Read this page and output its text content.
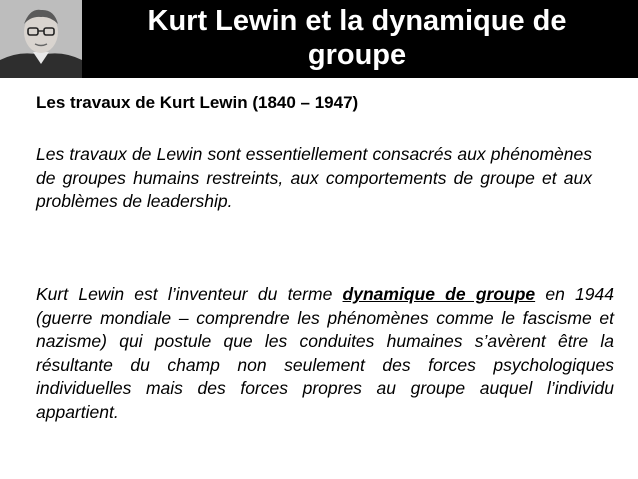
Kurt Lewin et la dynamique de
groupe
Les travaux de Kurt Lewin (1840 – 1947)
Les travaux de Lewin sont essentiellement consacrés aux phénomènes de groupes humains restreints, aux comportements de groupe et aux problèmes de leadership.
Kurt Lewin est l’inventeur du terme dynamique de groupe en 1944 (guerre mondiale – comprendre les phénomènes comme le fascisme et nazisme) qui postule que les conduites humaines s’avèrent être la résultante du champ non seulement des forces psychologiques individuelles mais des forces propres au groupe auquel l’individu appartient.
